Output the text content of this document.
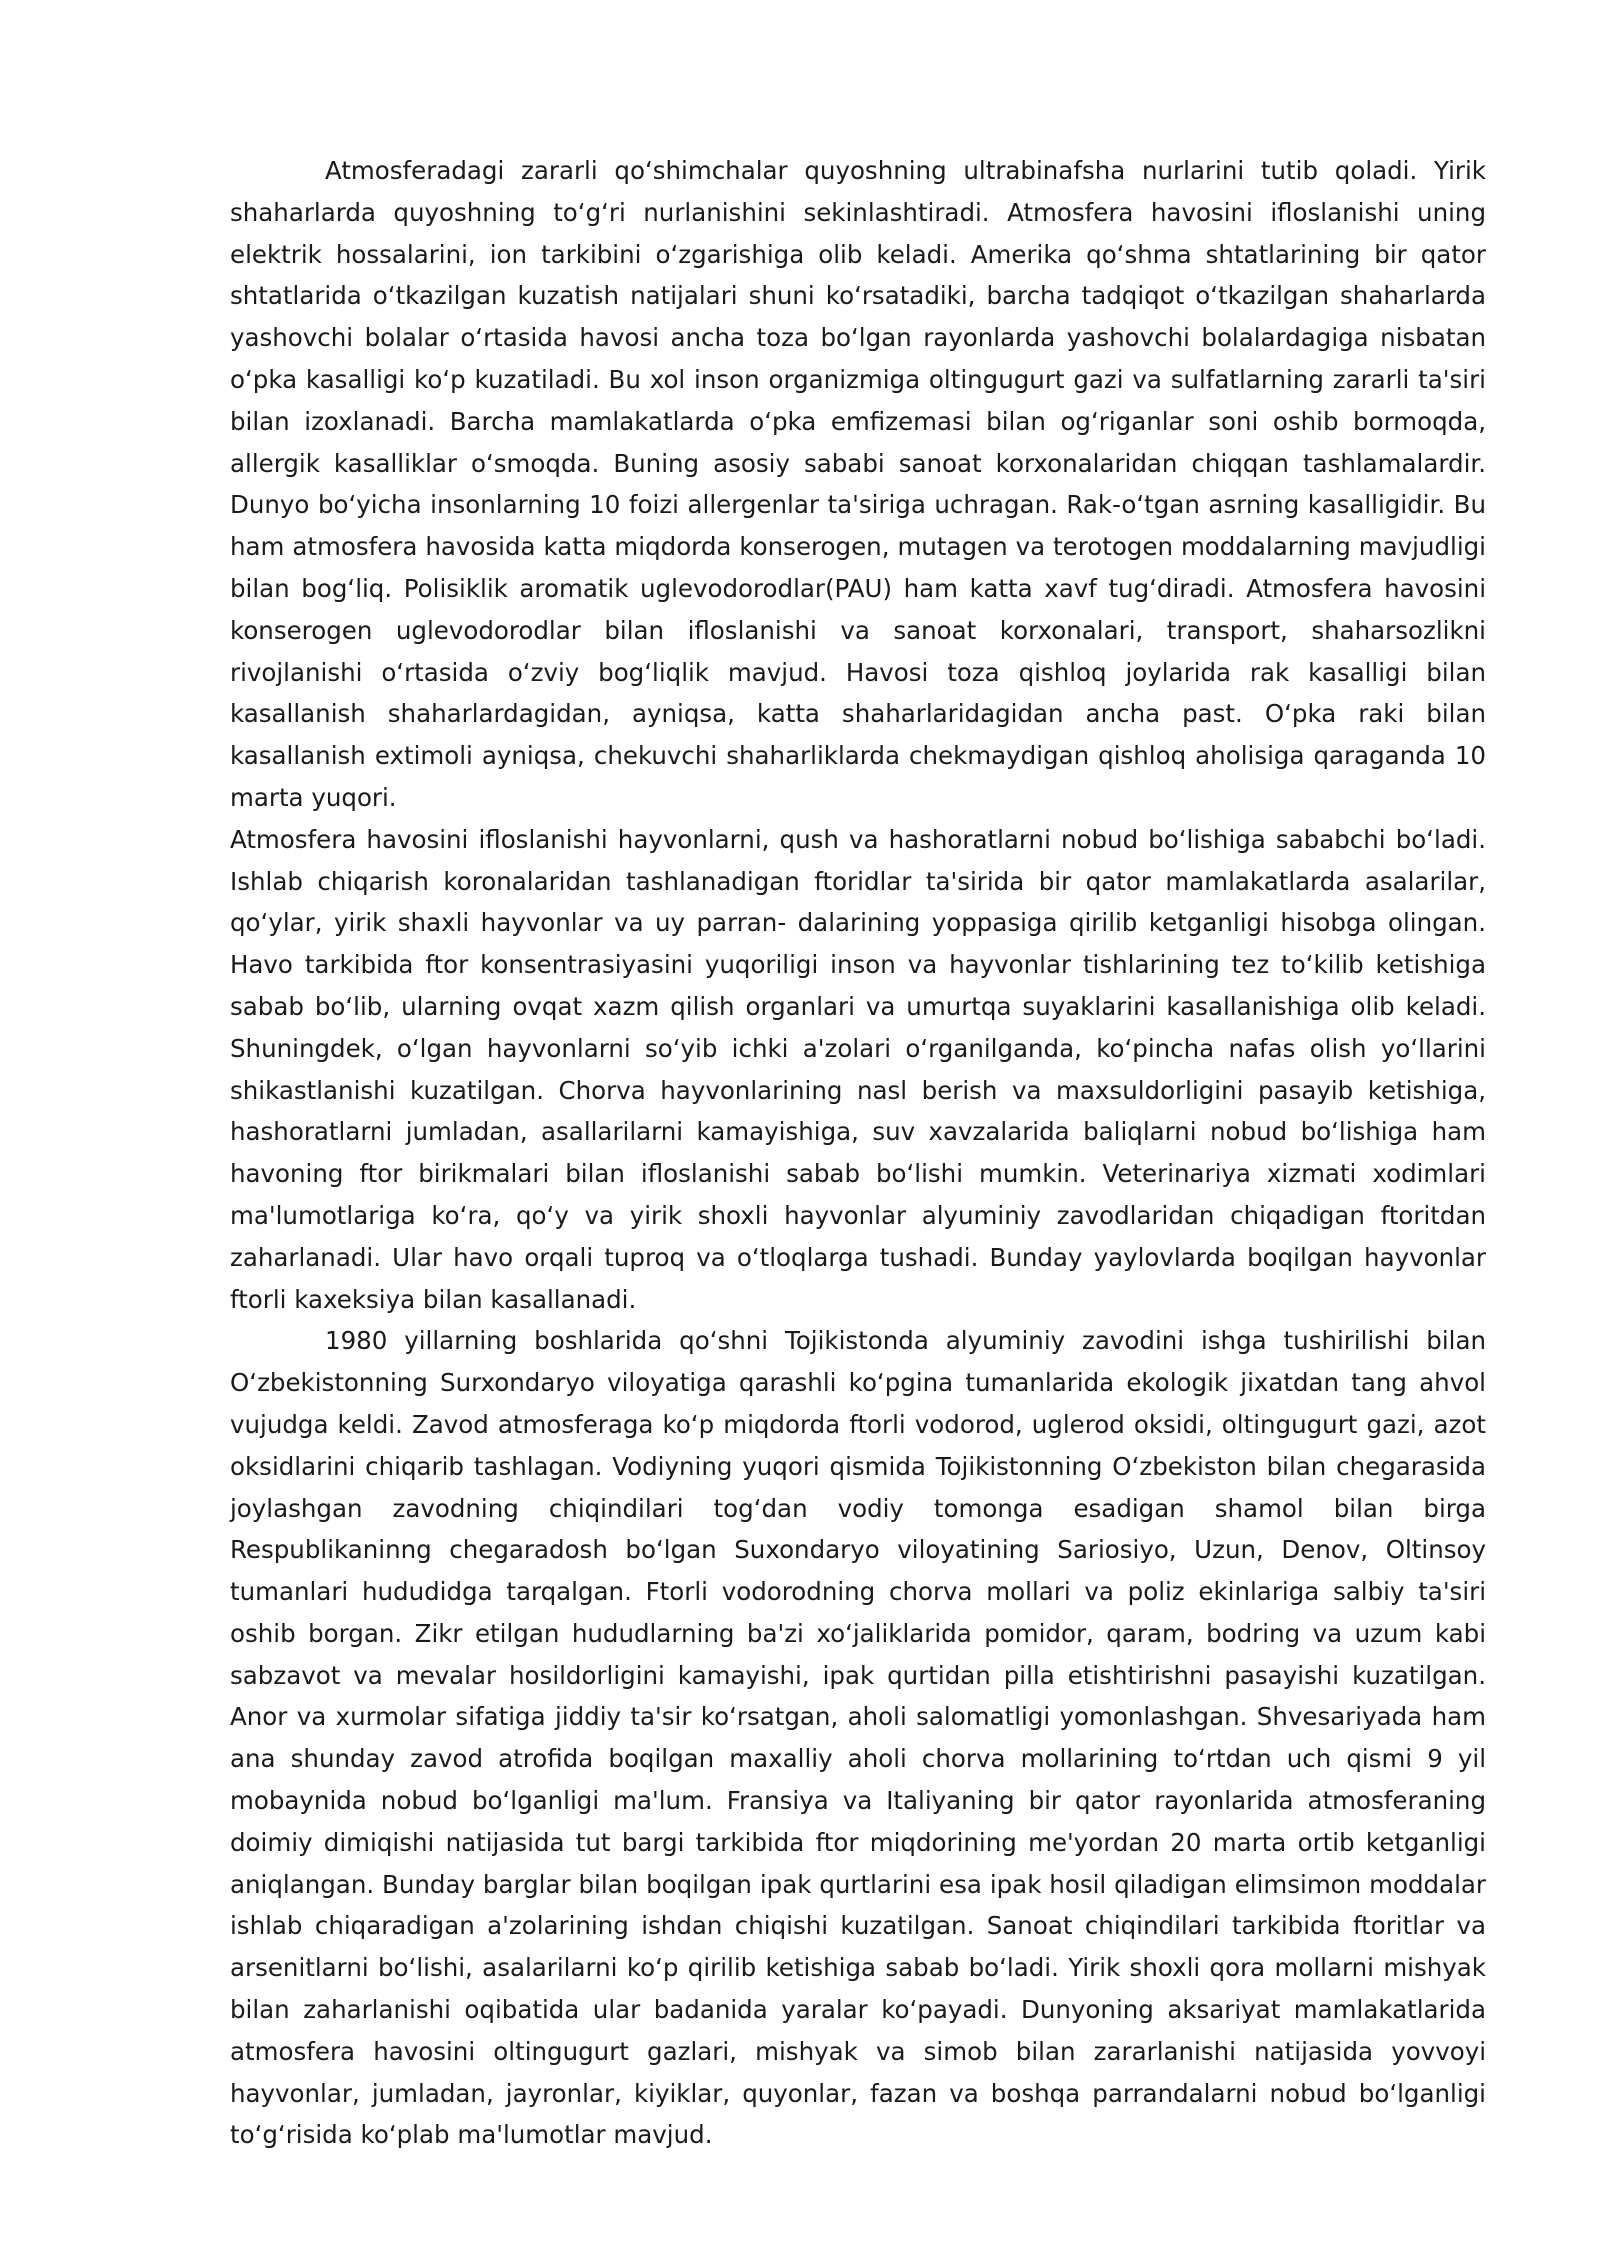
Atmosferadagi zararli qoʻshimchalar quyoshning ultrabinafsha nurlarini tutib qoladi. Yirik shaharlarda quyoshning toʻgʻri nurlanishini sekinlashtiradi. Atmosfera havosini ifloslanishi uning elektrik hossalarini, ion tarkibini oʻzgarishiga olib keladi. Amerika qoʻshma shtatlarining bir qator shtatlarida oʻtkazilgan kuzatish natijalari shuni koʻrsatadiki, barcha tadqiqot oʻtkazilgan shaharlarda yashovchi bolalar oʻrtasida havosi ancha toza boʻlgan rayonlarda yashovchi bolalardagiga nisbatan oʻpka kasalligi koʻp kuzatiladi. Bu xol inson organizmiga oltingugurt gazi va sulfatlarning zararli ta'siri bilan izoxlanadi. Barcha mamlakatlarda oʻpka emfizemasi bilan ogʻriganlar soni oshib bormoqda, allergik kasalliklar oʻsmoqda. Buning asosiy sababi sanoat korxonalaridan chiqqan tashlamalardir. Dunyo boʻyicha insonlarning 10 foizi allergenlar ta'siriga uchragan. Rak-oʻtgan asrning kasalligidir. Bu ham atmosfera havosida katta miqdorda konserogen, mutagen va terotogen moddalarning mavjudligi bilan bogʻliq. Polisiklik aromatik uglevodorodlar(PAU) ham katta xavf tugʻdiradi. Atmosfera havosini konserogen uglevodorodlar bilan ifloslanishi va sanoat korxonalari, transport, shaharsozlikni rivojlanishi oʻrtasida oʻzviy bogʻliqlik mavjud. Havosi toza qishloq joylarida rak kasalligi bilan kasallanish shaharlardagidan, ayniqsa, katta shaharlaridagidan ancha past. Oʻpka raki bilan kasallanish extimoli ayniqsa, chekuvchi shaharliklarda chekmaydigan qishloq aholisiga qaraganda 10 marta yuqori.

Atmosfera havosini ifloslanishi hayvonlarni, qush va hashoratlarni nobud boʻlishiga sababchi boʻladi. Ishlab chiqarish koronalaridan tashlanadigan ftoridlar ta'sirida bir qator mamlakatlarda asalarilar, qoʻylar, yirik shaxli hayvonlar va uy parran- dalarining yoppasiga qirilib ketganligi hisobga olingan. Havo tarkibida ftor konsentrasiyasini yuqoriligi inson va hayvonlar tishlarining tez toʻkilib ketishiga sabab boʻlib, ularning ovqat xazm qilish organlari va umurtqa suyaklarini kasallanishiga olib keladi. Shuningdek, oʻlgan hayvonlarni soʻyib ichki a'zolari oʻrganilganda, koʻpincha nafas olish yoʻllarini shikastlanishi kuzatilgan. Chorva hayvonlarining nasl berish va maxsuldorligini pasayib ketishiga, hashoratlarni jumladan, asallarilarni kamayishiga, suv xavzalarida baliqlarni nobud boʻlishiga ham havoning ftor birikmalari bilan ifloslanishi sabab boʻlishi mumkin. Veterinariya xizmati xodimlari ma'lumotlariga koʻra, qoʻy va yirik shoxli hayvonlar alyuminiy zavodlaridan chiqadigan ftoritdan zaharlanadi. Ular havo orqali tuproq va oʻtloqlarga tushadi. Bunday yaylovlarda boqilgan hayvonlar ftorli kaxeksiya bilan kasallanadi.

1980 yillarning boshlarida qoʻshni Tojikistonda alyuminiy zavodini ishga tushirilishi bilan Oʻzbekistonning Surxondaryo viloyatiga qarashli koʻpgina tumanlarida ekologik jixatdan tang ahvol vujudga keldi. Zavod atmosferaga koʻp miqdorda ftorli vodorod, uglerod oksidi, oltingugurt gazi, azot oksidlarini chiqarib tashlagan. Vodiyning yuqori qismida Tojikistonning Oʻzbekiston bilan chegarasida joylashgan zavodning chiqindilari togʻdan vodiy tomonga esadigan shamol bilan birga Respublikaninng chegaradosh boʻlgan Suxondaryo viloyatining Sariosiyo, Uzun, Denov, Oltinsoy tumanlari hududidga tarqalgan. Ftorli vodorodning chorva mollari va poliz ekinlariga salbiy ta'siri oshib borgan. Zikr etilgan hududlarning ba'zi xoʻjaliklarida pomidor, qaram, bodring va uzum kabi sabzavot va mevalar hosildorligini kamayishi, ipak qurtidan pilla etishtirishni pasayishi kuzatilgan. Anor va xurmolar sifatiga jiddiy ta'sir koʻrsatgan, aholi salomatligi yomonlashgan. Shvesariyada ham ana shunday zavod atrofida boqilgan maxalliy aholi chorva mollarining toʻrtdan uch qismi 9 yil mobaynida nobud boʻlganligi ma'lum. Fransiya va Italiyaning bir qator rayonlarida atmosferaning doimiy dimiqishi natijasida tut bargi tarkibida ftor miqdorining me'yordan 20 marta ortib ketganligi aniqlangan. Bunday barglar bilan boqilgan ipak qurtlarini esa ipak hosil qiladigan elimsimon moddalar ishlab chiqaradigan a'zolarining ishdan chiqishi kuzatilgan. Sanoat chiqindilari tarkibida ftoritlar va arsenitlarni boʻlishi, asalarilarni koʻp qirilib ketishiga sabab boʻladi. Yirik shoxli qora mollarni mishyak bilan zaharlanishi oqibatida ular badanida yaralar koʻpayadi. Dunyoning aksariyat mamlakatlarida atmosfera havosini oltingugurt gazlari, mishyak va simob bilan zararlanishi natijasida yovvoyi hayvonlar, jumladan, jayronlar, kiyiklar, quyonlar, fazan va boshqa parrandalarni nobud boʻlganligi toʻgʻrisida koʻplab ma'lumotlar mavjud.
